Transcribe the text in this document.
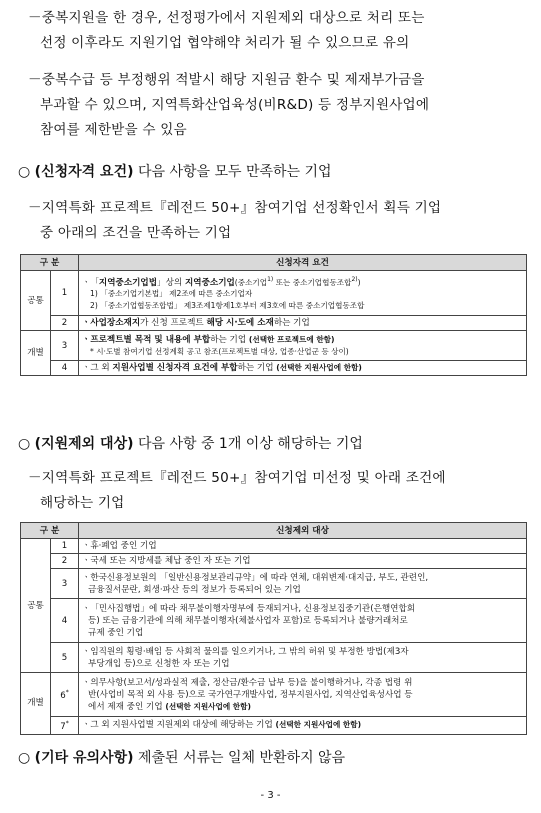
－중복지원을 한 경우, 선정평가에서 지원제외 대상으로 처리 또는
선정 이후라도 지원기업 협약해약 처리가 될 수 있으므로 유의
－중복수급 등 부정행위 적발시 해당 지원금 환수 및 제재부가금을
부과할 수 있으며, 지역특화산업육성(비R&D) 등 정부지원사업에
참여를 제한받을 수 있음
○ (신청자격 요건) 다음 사항을 모두 만족하는 기업
－지역특화 프로젝트『레전드 50+』참여기업 선정확인서 획득 기업
중 아래의 조건을 만족하는 기업
구 분		신청자격 요건
공통	1	ㆍ「지역중소기업법」상의 지역중소기업(중소기업$^{1)}$ 또는 중소기업협동조합$^{2)}$)
1) 「중소기업기본법」 제2조에 따른 중소기업자
2) 「중소기업협동조합법」 제3조제1항제1호부터 제3호에 따른 중소기업협동조합

	2	ㆍ사업장소재지가 신청 프로젝트 해당 시·도에 소재하는 기업
개별	3	ㆍ프로젝트별 목적 및 내용에 부합하는 기업 (선택한 프로젝트에 한함)
* 시·도별 참여기업 선정계획 공고 참조(프로젝트별 대상, 업종·산업군 등 상이)

	4	ㆍ그 외 지원사업별 신청자격 요건에 부합하는 기업 (선택한 지원사업에 한함)
○ (지원제외 대상) 다음 사항 중 1개 이상 해당하는 기업
－지역특화 프로젝트『레전드 50+』참여기업 미선정 및 아래 조건에
해당하는 기업
구 분		신청제외 대상
공통	1	ㆍ휴·폐업 중인 기업
	2	ㆍ국세 또는 지방세를 체납 중인 자 또는 기업
	3	ㆍ한국신용정보원의 「일반신용정보관리규약」에 따라 연체, 대위변제·대지급, 부도, 관련인,
금융질서문란, 회생·파산 등의 정보가 등록되어 있는 기업

	4	ㆍ「민사집행법」에 따라 채무불이행자명부에 등재되거나, 신용정보집중기관(은행연합회
등) 또는 금융기관에 의해 채무불이행자(체불사업자 포함)로 등록되거나 불량거래처로
규제 중인 기업

	5	ㆍ임직원의 횡령·배임 등 사회적 물의를 일으키거나, 그 밖의 허위 및 부정한 방법(제3자
부당개입 등)으로 신청한 자 또는 기업

개별	6*	ㆍ의무사항(보고서/성과실적 제출, 정산금/환수금 납부 등)을 불이행하거나, 각종 법령 위
반(사업비 목적 외 사용 등)으로 국가연구개발사업, 정부지원사업, 지역산업육성사업 등
에서 제재 중인 기업 (선택한 지원사업에 한함)

	7*	ㆍ그 외 지원사업별 지원제외 대상에 해당하는 기업 (선택한 지원사업에 한함)
○ (기타 유의사항) 제출된 서류는 일체 반환하지 않음
- 3 -
